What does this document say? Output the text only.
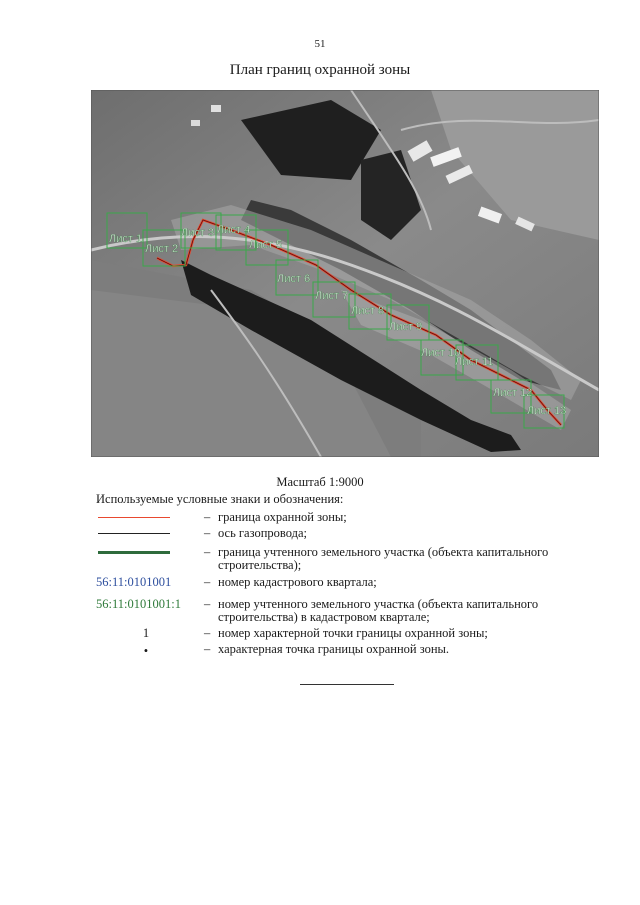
51
План границ охранной зоны
Лист 1
Лист 2
Лист 3 Лист 4
Лист 5
Лист 6
Лист 7
Лист 8
Лист 9
Лист 10
Лист 11
Лист 12
Лист 13
Масштаб 1:9000
Используемые условные знаки и обозначения:
– граница охранной зоны;
– ось газопровода;
– граница учтенного земельного участка (объекта капитального строительства);
56:11:0101001	– номер кадастрового квартала;
56:11:0101001:1 – номер учтенного земельного участка (объекта капитального строительства) в кадастровом квартале;
1	– номер характерной точки границы охранной зоны;
•	– характерная точка границы охранной зоны.
